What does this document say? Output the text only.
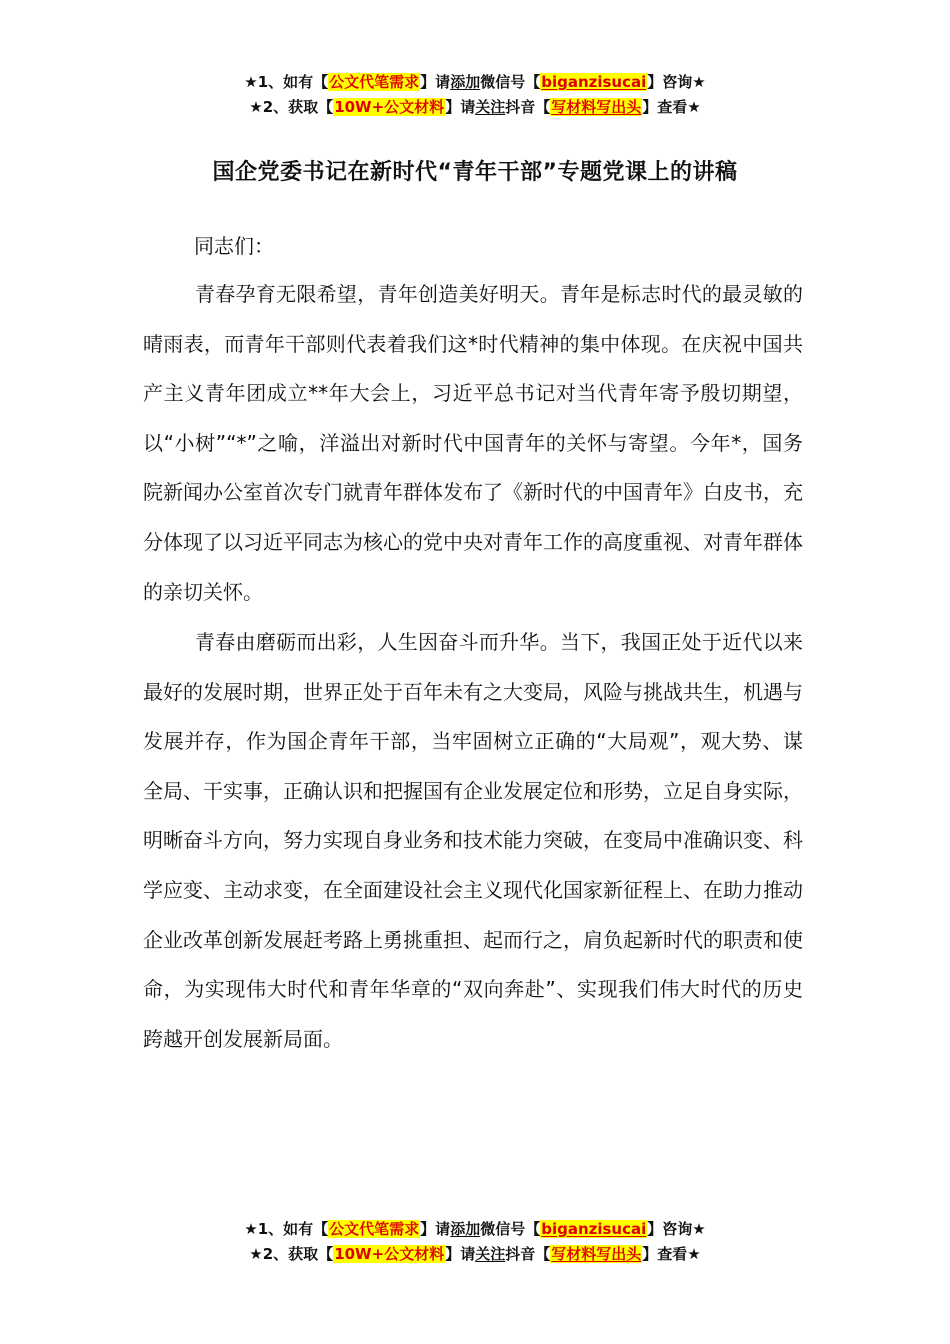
★1、如有【公文代笔需求】请添加微信号【biganzisucai】咨询★
★2、获取【10W+公文材料】请关注抖音【写材料写出头】查看★
国企党委书记在新时代“青年干部”专题党课上的讲稿
同志们：

青春孕育无限希望，青年创造美好明天。青年是标志时代的最灵敏的晴雨表，而青年干部则代表着我们这*时代精神的集中体现。在庆祝中国共产主义青年团成立**年大会上，习近平总书记对当代青年寄予殷切期望，以“小树”“*”之喻，洋溢出对新时代中国青年的关怀与寄望。今年*，国务院新闻办公室首次专门就青年群体发布了《新时代的中国青年》白皮书，充分体现了以习近平同志为核心的党中央对青年工作的高度重视、对青年群体的亲切关怀。

青春由磨砺而出彩，人生因奋斗而升华。当下，我国正处于近代以来最好的发展时期，世界正处于百年未有之大变局，风险与挑战共生，机遇与发展并存，作为国企青年干部，当牢固树立正确的“大局观”，观大势、谋全局、干实事，正确认识和把握国有企业发展定位和形势，立足自身实际，明晰奋斗方向，努力实现自身业务和技术能力突破，在变局中准确识变、科学应变、主动求变，在全面建设社会主义现代化国家新征程上、在助力推动企业改革创新发展赶考路上勇挑重担、起而行之，肩负起新时代的职责和使命，为实现伟大时代和青年华章的“双向奔赴”、实现我们伟大时代的历史跨越开创发展新局面。

★1、如有【公文代笔需求】请添加微信号【biganzisucai】咨询★
★2、获取【10W+公文材料】请关注抖音【写材料写出头】查看★
